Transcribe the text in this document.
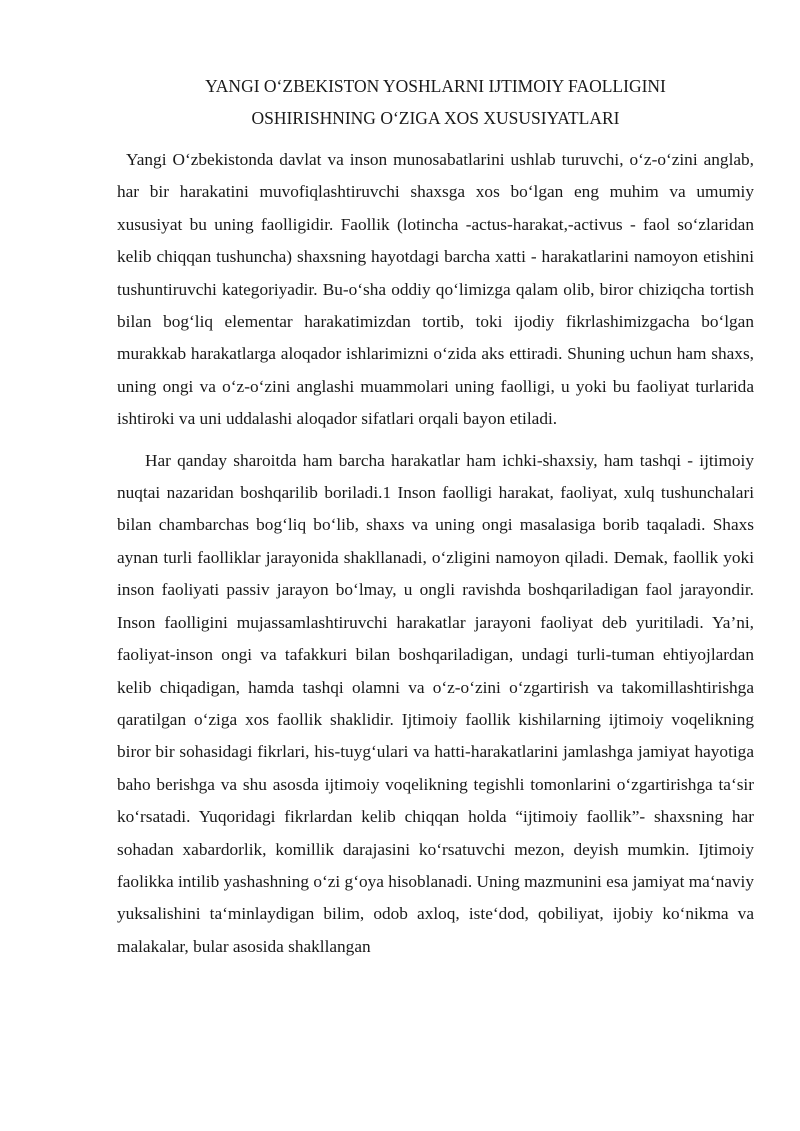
YANGI O‘ZBEKISTON YOSHLARNI IJTIMOIY FAOLLIGINI
OSHIRISHNING O‘ZIGA XOS XUSUSIYATLARI

Yangi O‘zbekistonda davlat va inson munosabatlarini ushlab turuvchi, o‘z-o‘zini anglab, har bir harakatini muvofiqlashtiruvchi shaxsga xos bo‘lgan eng muhim va umumiy xususiyat bu uning faolligidir. Faollik (lotincha -actus-harakat,-activus - faol so‘zlaridan kelib chiqqan tushuncha) shaxsning hayotdagi barcha xatti - harakatlarini namoyon etishini tushuntiruvchi kategoriyadir. Bu-o‘sha oddiy qo‘limizga qalam olib, biror chiziqcha tortish bilan bog‘liq elementar harakatimizdan tortib, toki ijodiy fikrlashimizgacha bo‘lgan murakkab harakatlarga aloqador ishlarimizni o‘zida aks ettiradi. Shuning uchun ham shaxs, uning ongi va o‘z-o‘zini anglashi muammolari uning faolligi, u yoki bu faoliyat turlarida ishtiroki va uni uddalashi aloqador sifatlari orqali bayon etiladi.

Har qanday sharoitda ham barcha harakatlar ham ichki-shaxsiy, ham tashqi - ijtimoiy nuqtai nazaridan boshqarilib boriladi.1 Inson faolligi harakat, faoliyat, xulq tushunchalari bilan chambarchas bog‘liq bo‘lib, shaxs va uning ongi masalasiga borib taqaladi. Shaxs aynan turli faolliklar jarayonida shakllanadi, o‘zligini namoyon qiladi. Demak, faollik yoki inson faoliyati passiv jarayon bo‘lmay, u ongli ravishda boshqariladigan faol jarayondir. Inson faolligini mujassamlashtiruvchi harakatlar jarayoni faoliyat deb yuritiladi. Ya’ni, faoliyat-inson ongi va tafakkuri bilan boshqariladigan, undagi turli-tuman ehtiyojlardan kelib chiqadigan, hamda tashqi olamni va o‘z-o‘zini o‘zgartirish va takomillashtirishga qaratilgan o‘ziga xos faollik shaklidir. Ijtimoiy faollik kishilarning ijtimoiy voqelikning biror bir sohasidagi fikrlari, his-tuyg‘ulari va hatti-harakatlarini jamlashga jamiyat hayotiga baho berishga va shu asosda ijtimoiy voqelikning tegishli tomonlarini o‘zgartirishga ta‘sir ko‘rsatadi. Yuqoridagi fikrlardan kelib chiqqan holda “ijtimoiy faollik”- shaxsning har sohadan xabardorlik, komillik darajasini ko‘rsatuvchi mezon, deyish mumkin. Ijtimoiy faolikka intilib yashashning o‘zi g‘oya hisoblanadi. Uning mazmunini esa jamiyat ma‘naviy yuksalishini ta‘minlaydigan bilim, odob axloq, iste‘dod, qobiliyat, ijobiy ko‘nikma va malakalar, bular asosida shakllangan
